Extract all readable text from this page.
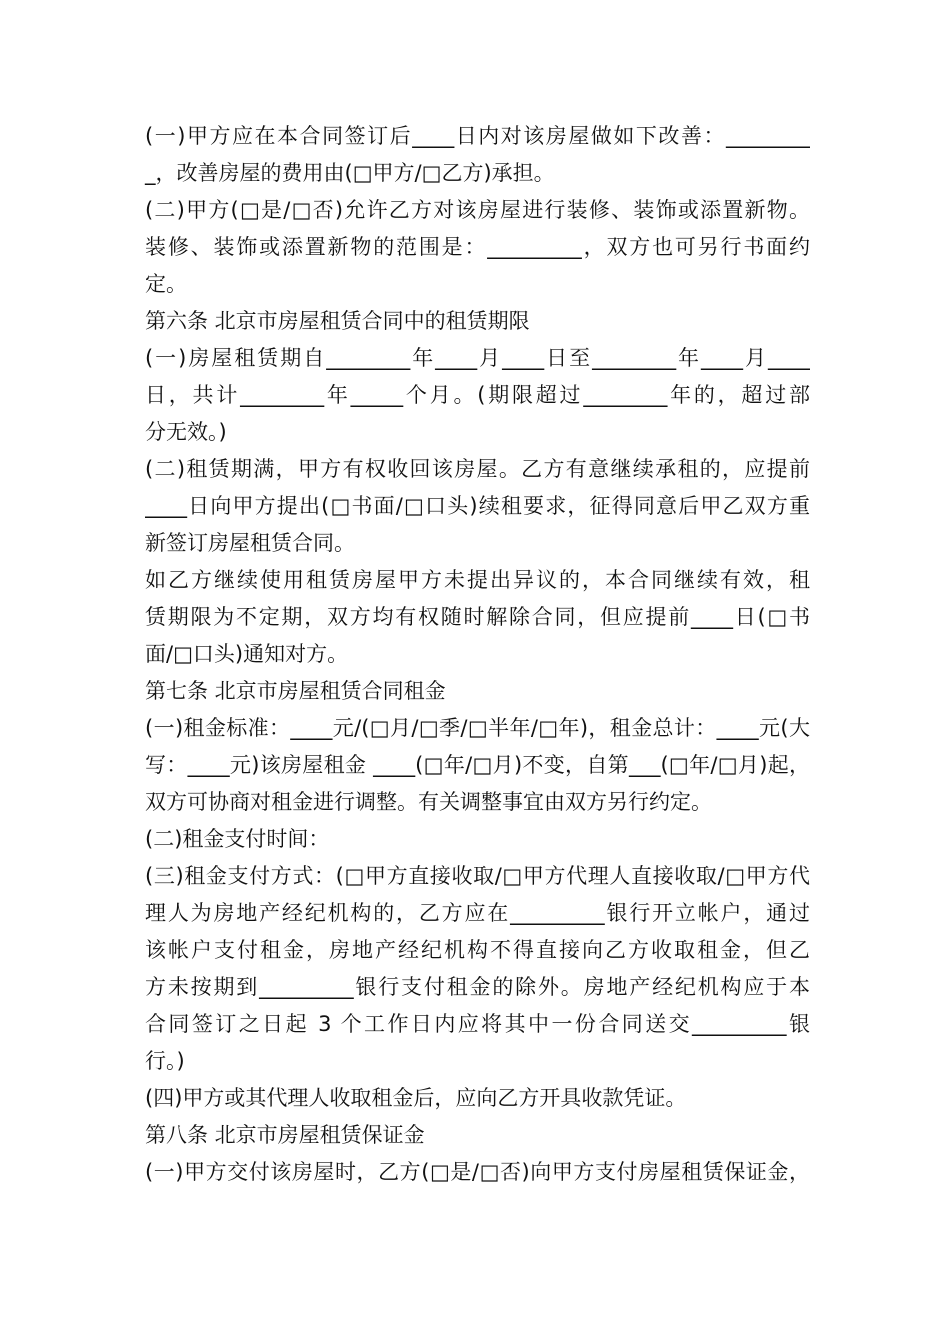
(一)甲方应在本合同签订后____日内对该房屋做如下改善：________
_，改善房屋的费用由(□甲方/□乙方)承担。
(二)甲方(□是/□否)允许乙方对该房屋进行装修、装饰或添置新物。
装修、装饰或添置新物的范围是：_________，双方也可另行书面约
定。
第六条 北京市房屋租赁合同中的租赁期限
(一)房屋租赁期自________年____月____日至________年____月____
日，共计________年_____个月。(期限超过________年的，超过部
分无效。)
(二)租赁期满，甲方有权收回该房屋。乙方有意继续承租的，应提前
____日向甲方提出(□书面/□口头)续租要求，征得同意后甲乙双方重
新签订房屋租赁合同。
如乙方继续使用租赁房屋甲方未提出异议的，本合同继续有效，租
赁期限为不定期，双方均有权随时解除合同，但应提前____日(□书
面/□口头)通知对方。
第七条 北京市房屋租赁合同租金
(一)租金标准：____元/(□月/□季/□半年/□年)，租金总计：____元(大
写：____元)该房屋租金 ____(□年/□月)不变，自第___(□年/□月)起，
双方可协商对租金进行调整。有关调整事宜由双方另行约定。
(二)租金支付时间：
(三)租金支付方式：(□甲方直接收取/□甲方代理人直接收取/□甲方代
理人为房地产经纪机构的，乙方应在_________银行开立帐户，通过
该帐户支付租金，房地产经纪机构不得直接向乙方收取租金，但乙
方未按期到_________银行支付租金的除外。房地产经纪机构应于本
合同签订之日起 3 个工作日内应将其中一份合同送交_________银
行。)
(四)甲方或其代理人收取租金后，应向乙方开具收款凭证。
第八条 北京市房屋租赁保证金
(一)甲方交付该房屋时，乙方(□是/□否)向甲方支付房屋租赁保证金，
